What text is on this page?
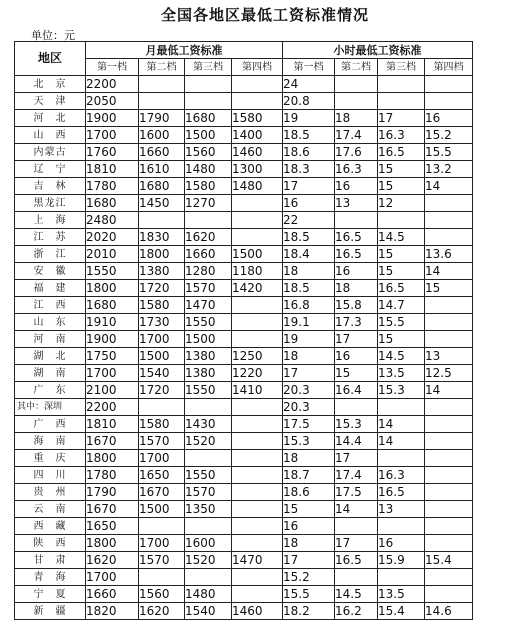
全国各地区最低工资标准情况
单位：元
地区	月最低工资标准				小时最低工资标准			
	第一档	第二档	第三档	第四档	第一档	第二档	第三档	第四档
北　京	2200				24			
天　津	2050				20.8			
河　北	1900	1790	1680	1580	19	18	17	16
山　西	1700	1600	1500	1400	18.5	17.4	16.3	15.2
内蒙古	1760	1660	1560	1460	18.6	17.6	16.5	15.5
辽　宁	1810	1610	1480	1300	18.3	16.3	15	13.2
吉　林	1780	1680	1580	1480	17	16	15	14
黑龙江	1680	1450	1270		16	13	12	
上　海	2480				22			
江　苏	2020	1830	1620		18.5	16.5	14.5	
浙　江	2010	1800	1660	1500	18.4	16.5	15	13.6
安　徽	1550	1380	1280	1180	18	16	15	14
福　建	1800	1720	1570	1420	18.5	18	16.5	15
江　西	1680	1580	1470		16.8	15.8	14.7	
山　东	1910	1730	1550		19.1	17.3	15.5	
河　南	1900	1700	1500		19	17	15	
湖　北	1750	1500	1380	1250	18	16	14.5	13
湖　南	1700	1540	1380	1220	17	15	13.5	12.5
广　东	2100	1720	1550	1410	20.3	16.4	15.3	14
其中：深圳	2200				20.3			
广　西	1810	1580	1430		17.5	15.3	14	
海　南	1670	1570	1520		15.3	14.4	14	
重　庆	1800	1700			18	17		
四　川	1780	1650	1550		18.7	17.4	16.3	
贵　州	1790	1670	1570		18.6	17.5	16.5	
云　南	1670	1500	1350		15	14	13	
西　藏	1650				16			
陕　西	1800	1700	1600		18	17	16	
甘　肃	1620	1570	1520	1470	17	16.5	15.9	15.4
青　海	1700				15.2			
宁　夏	1660	1560	1480		15.5	14.5	13.5	
新　疆	1820	1620	1540	1460	18.2	16.2	15.4	14.6
